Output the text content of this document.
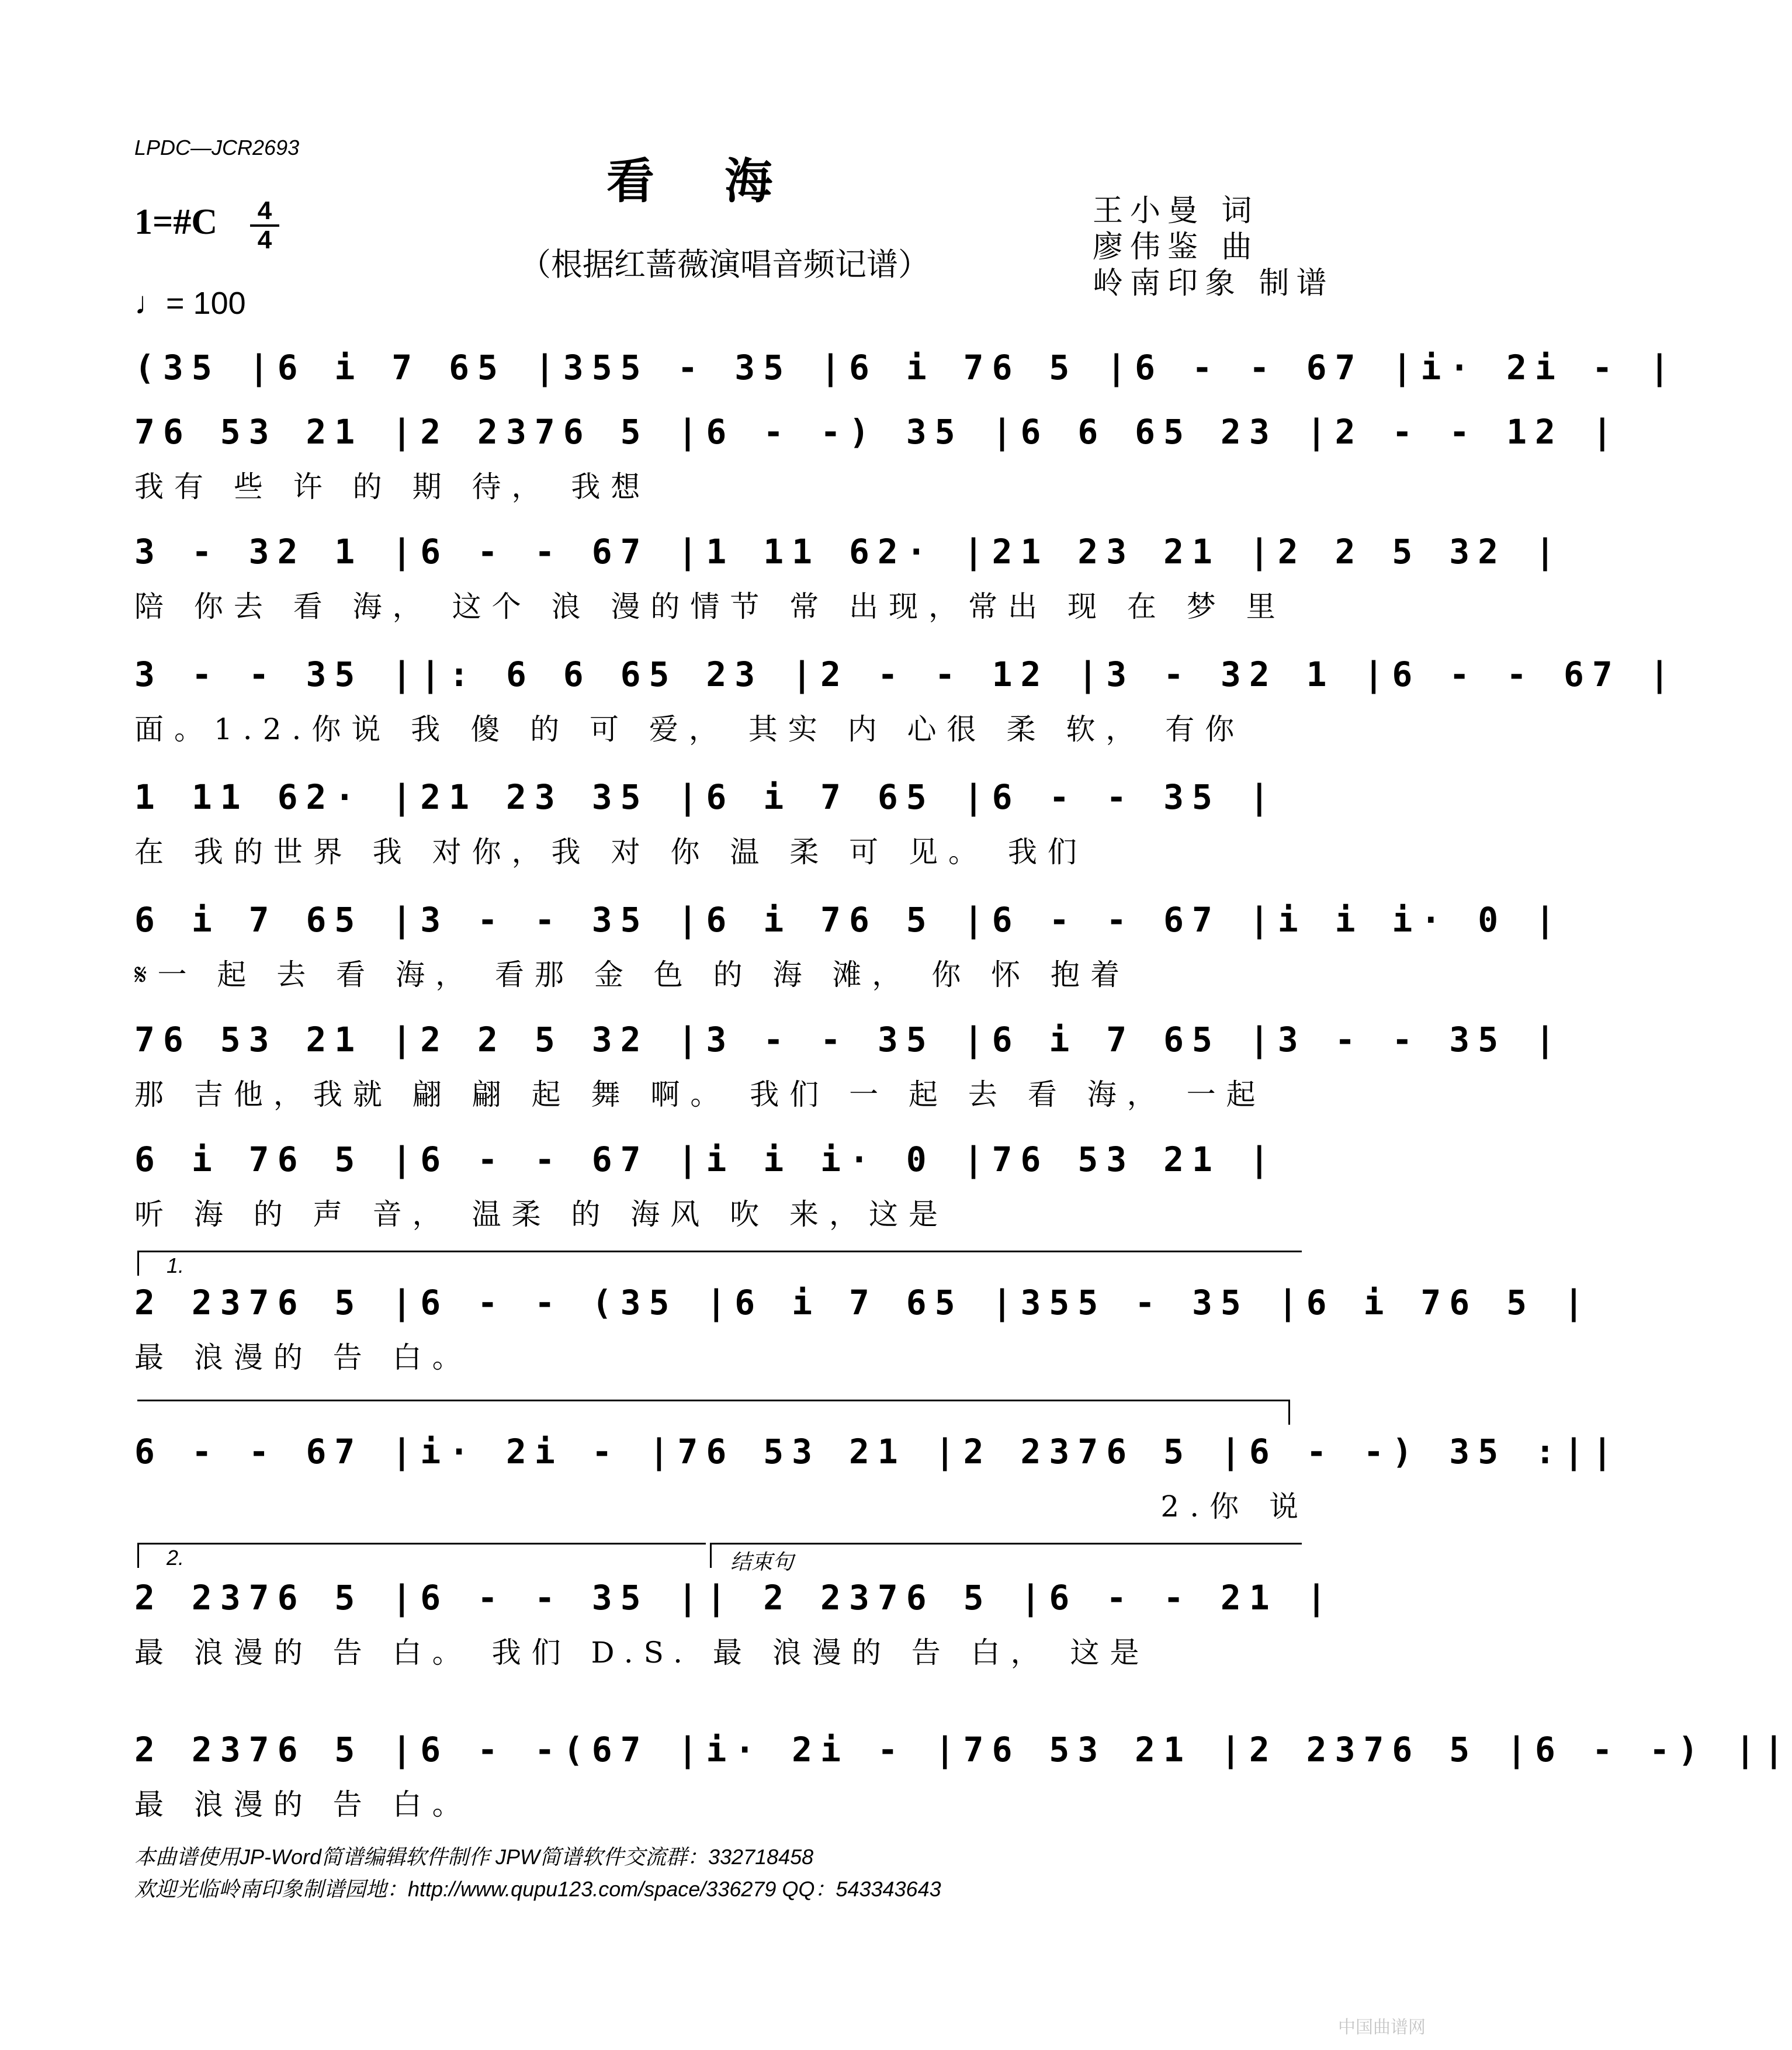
LPDC—JCR2693
看海
（根据红蔷薇演唱音频记谱）
1=#C 4
4
♩= 100
王小曼 词
廖伟鉴 曲
岭南印象 制谱
(35 |6 i 7 65 |355 - 35 |6 i 76 5 |6 - - 67 |i· 2i - |
76 53 21 |2 2376 5 |6 - -) 35 |6 6 65 23 |2 - - 12 |
我有 些 许 的 期 待， 我想
3 - 32 1 |6 - - 67 |1 11 62· |21 23 21 |2 2 5 32 |
陪 你去 看 海， 这个 浪 漫的情节 常 出现，常出 现 在 梦 里
3 - - 35 ||: 6 6 65 23 |2 - - 12 |3 - 32 1 |6 - - 67 |
面。1.2.你说 我 傻 的 可 爱， 其实 内 心很 柔 软， 有你
1 11 62· |21 23 35 |6 i 7 65 |6 - - 35 |
在 我的世界 我 对你，我 对 你 温 柔 可 见。 我们
6 i 7 65 |3 - - 35 |6 i 76 5 |6 - - 67 |i i i· 0 |
𝄋一 起 去 看 海， 看那 金 色 的 海 滩， 你 怀 抱着
76 53 21 |2 2 5 32 |3 - - 35 |6 i 7 65 |3 - - 35 |
那 吉他，我就 翩 翩 起 舞 啊。 我们 一 起 去 看 海， 一起
6 i 76 5 |6 - - 67 |i i i· 0 |76 53 21 |
听 海 的 声 音， 温柔 的 海风 吹 来，这是
2 2376 5 |6 - - (35 |6 i 7 65 |355 - 35 |6 i 76 5 |
最 浪漫的 告 白。
6 - - 67 |i· 2i - |76 53 21 |2 2376 5 |6 - -) 35 :||
2.你 说
2 2376 5 |6 - - 35 || 2 2376 5 |6 - - 21 |
最 浪漫的 告 白。 我们 D.S. 最 浪漫的 告 白， 这是
2 2376 5 |6 - -(67 |i· 2i - |76 53 21 |2 2376 5 |6 - -) ||
最 浪漫的 告 白。
1.
2.	结束句
本曲谱使用JP-Word简谱编辑软件制作 JPW简谱软件交流群：332718458
欢迎光临岭南印象制谱园地：http://www.qupu123.com/space/336279 QQ：543343643
中国曲谱网
